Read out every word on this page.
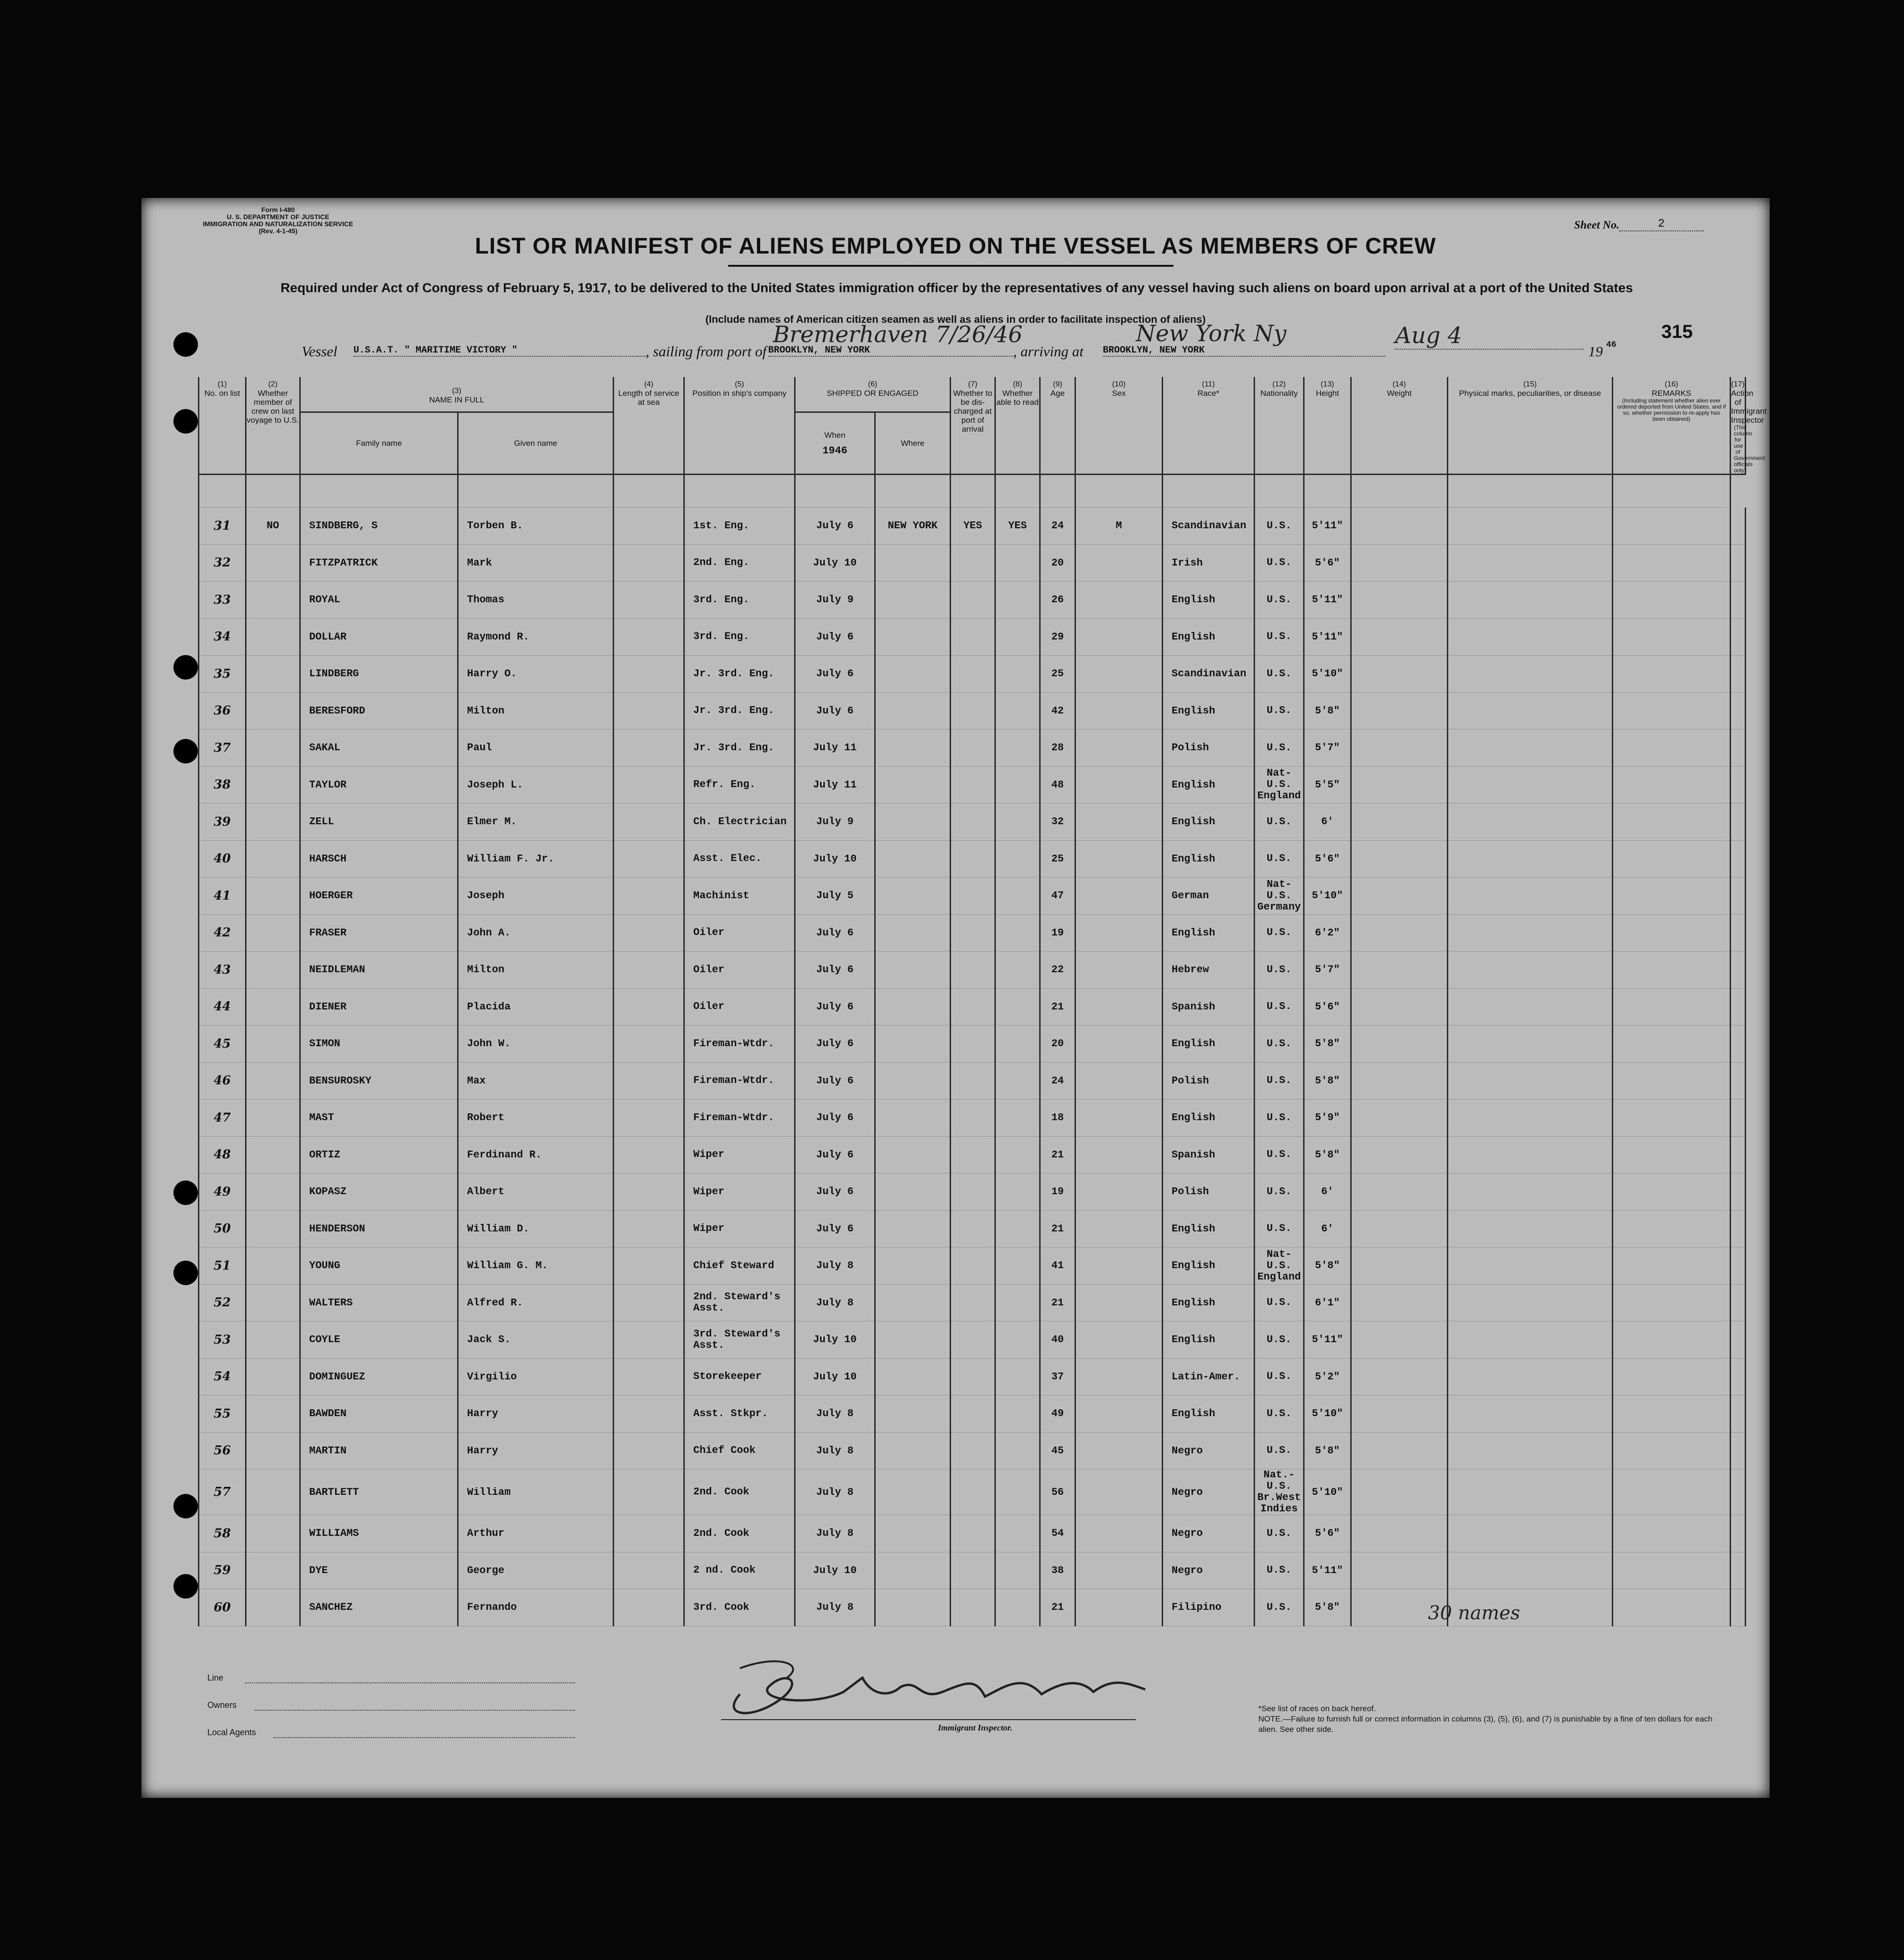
Form I-480
U. S. DEPARTMENT OF JUSTICE
IMMIGRATION AND NATURALIZATION SERVICE
(Rev. 4-1-45)	Sheet No.	2
LIST OR MANIFEST OF ALIENS EMPLOYED ON THE VESSEL AS MEMBERS OF CREW
Required under Act of Congress of February 5, 1917, to be delivered to the United States immigration officer by the representatives of any vessel having such aliens on board upon arrival at a port of the United States
(Include names of American citizen seamen as well as aliens in order to facilitate inspection of aliens)
315
Vessel U.S.A.T. " MARITIME VICTORY "	, sailing from port of BROOKLYN, NEW YORK
Bremerhaven 7/26/46
, arriving at BROOKLYN, NEW YORK
New York Ny	Aug 4
19 46
(1)
No. on list	(2)
Whether member of crew on last voyage to U.S.	(3)
NAME IN FULL		(4)
Length of service at sea	(5)
Position in ship's company	(6)
SHIPPED OR ENGAGED		(7)
Whether to be dis-charged at port of arrival	(8)
Whether able to read	(9)
Age	(10)
Sex	(11)
Race*	(12)
Nationality	(13)
Height	(14)
Weight	(15)
Physical marks, peculiarities, or disease	(16)
REMARKS
(Including statement whether alien ever ordered deported from United States, and if so, whether permission to re-apply has been obtained)	(17)
Action of Immigrant Inspector
(This column for use of Government officials only)

		Family name	Given name			When
1946	Where											

31	NO	SINDBERG, S	Torben B.		1st. Eng.	July 6	NEW YORK	YES	YES	24	M	Scandinavian	U.S.	5'11"				
32		FITZPATRICK	Mark		2nd. Eng.	July 10				20		Irish	U.S.	5'6"				
33		ROYAL	Thomas		3rd. Eng.	July 9				26		English	U.S.	5'11"				
34		DOLLAR	Raymond R.		3rd. Eng.	July 6				29		English	U.S.	5'11"				
35		LINDBERG	Harry O.		Jr. 3rd. Eng.	July 6				25		Scandinavian	U.S.	5'10"				
36		BERESFORD	Milton		Jr. 3rd. Eng.	July 6				42		English	U.S.	5'8"				
37		SAKAL	Paul		Jr. 3rd. Eng.	July 11				28		Polish	U.S.	5'7"				
38		TAYLOR	Joseph L.		Refr. Eng.	July 11				48		English	Nat-U.S. England	5'5"				
39		ZELL	Elmer M.		Ch. Electrician	July 9				32		English	U.S.	6'				
40		HARSCH	William F. Jr.		Asst. Elec.	July 10				25		English	U.S.	5'6"				
41		HOERGER	Joseph		Machinist	July 5				47		German	Nat-U.S. Germany	5'10"				
42		FRASER	John A.		Oiler	July 6				19		English	U.S.	6'2"				
43		NEIDLEMAN	Milton		Oiler	July 6				22		Hebrew	U.S.	5'7"				
44		DIENER	Placida		Oiler	July 6				21		Spanish	U.S.	5'6"				
45		SIMON	John W.		Fireman-Wtdr.	July 6				20		English	U.S.	5'8"				
46		BENSUROSKY	Max		Fireman-Wtdr.	July 6				24		Polish	U.S.	5'8"				
47		MAST	Robert		Fireman-Wtdr.	July 6				18		English	U.S.	5'9"				
48		ORTIZ	Ferdinand R.		Wiper	July 6				21		Spanish	U.S.	5'8"				
49		KOPASZ	Albert		Wiper	July 6				19		Polish	U.S.	6'				
50		HENDERSON	William D.		Wiper	July 6				21		English	U.S.	6'				
51		YOUNG	William G. M.		Chief Steward	July 8				41		English	Nat-U.S. England	5'8"				
52		WALTERS	Alfred R.		2nd. Steward's Asst.	July 8				21		English	U.S.	6'1"				
53		COYLE	Jack S.		3rd. Steward's Asst.	July 10				40		English	U.S.	5'11"				
54		DOMINGUEZ	Virgilio		Storekeeper	July 10				37		Latin-Amer.	U.S.	5'2"				
55		BAWDEN	Harry		Asst. Stkpr.	July 8				49		English	U.S.	5'10"				
56		MARTIN	Harry		Chief Cook	July 8				45		Negro	U.S.	5'8"				
57		BARTLETT	William		2nd. Cook	July 8				56		Negro	Nat.-U.S. Br.West Indies	5'10"				
58		WILLIAMS	Arthur		2nd. Cook	July 8				54		Negro	U.S.	5'6"				
59		DYE	George		2 nd. Cook	July 10				38		Negro	U.S.	5'11"				
60		SANCHEZ	Fernando		3rd. Cook	July 8				21		Filipino	U.S.	5'8"					30 names
Line
Owners
Local Agents	Immigrant Inspector.
*See list of races on back hereof.
NOTE.—Failure to furnish full or correct information in columns (3), (5), (6), and (7) is punishable by a fine of ten dollars for each alien. See other side.
